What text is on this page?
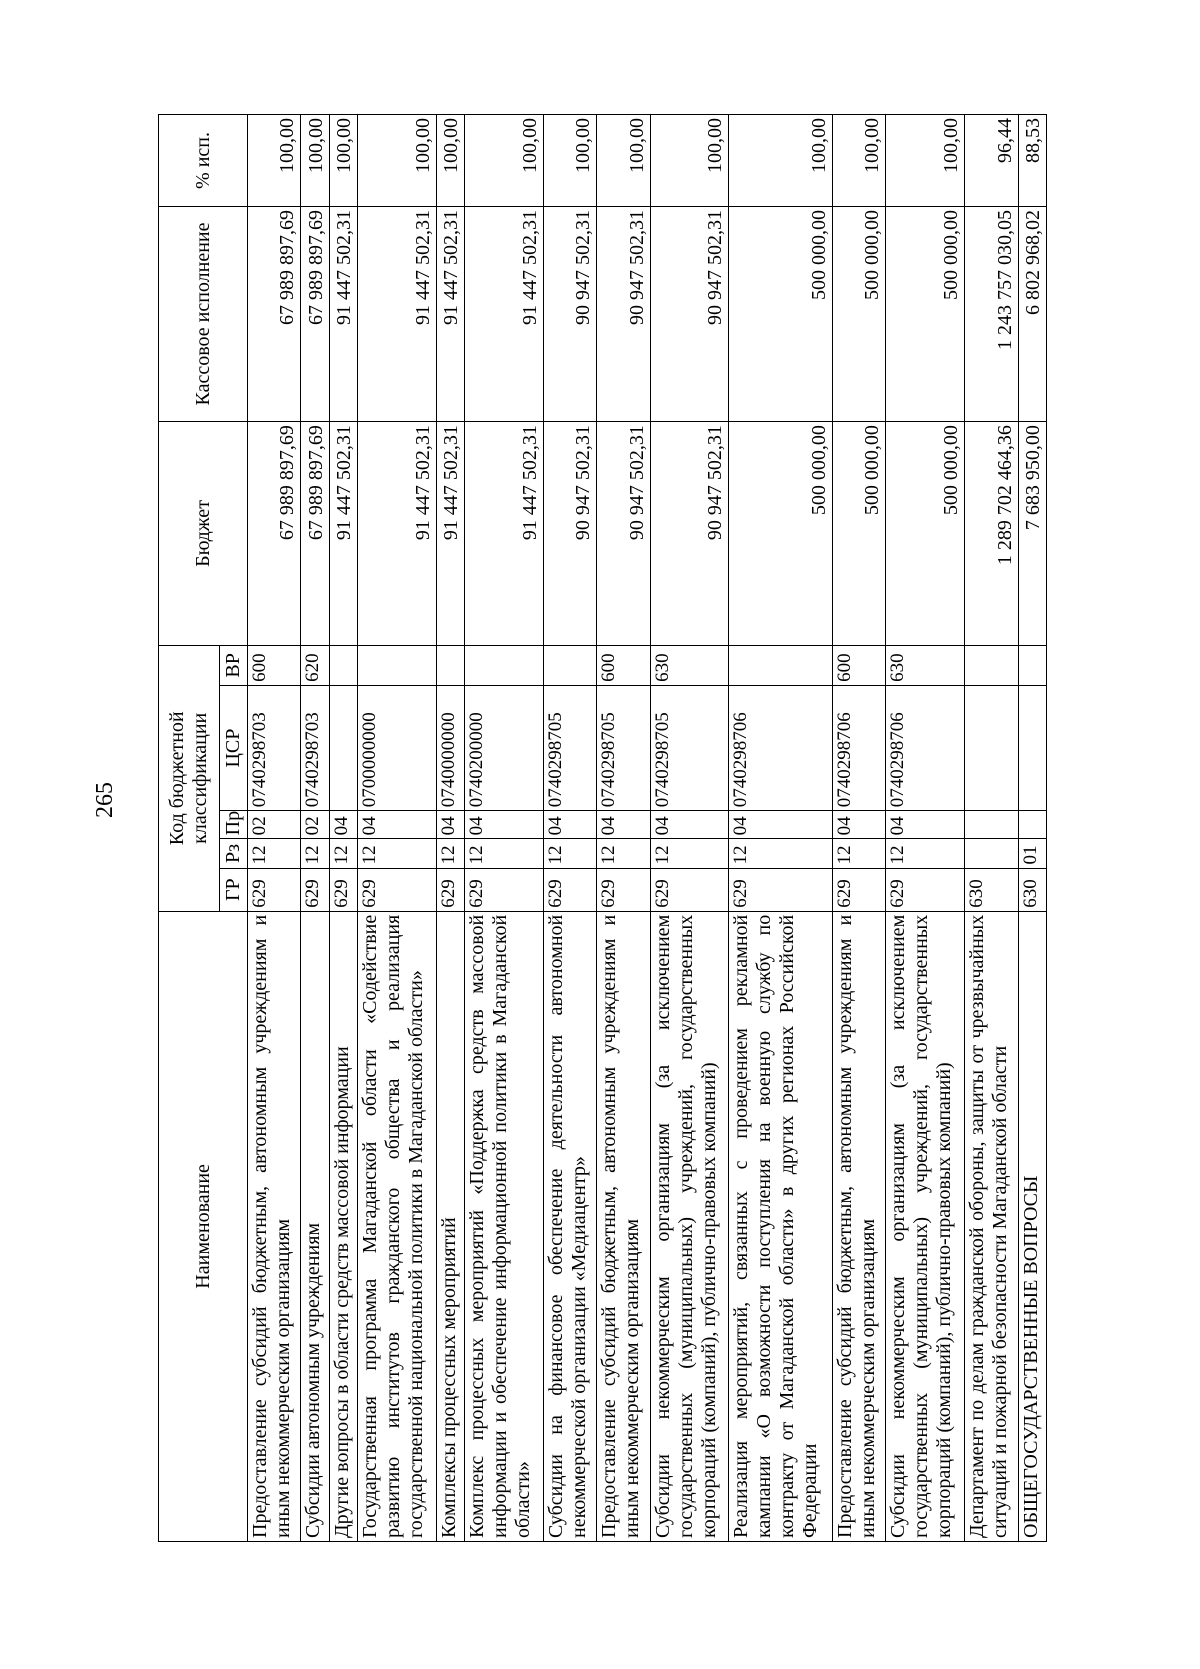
265
Наименование	Код бюджетной классификации					Бюджет	Кассовое исполнение	% исп.
	ГР	Рз	Пр	ЦСР	ВР			
Предоставление субсидий бюджетным, автономным учреждениям и иным некоммерческим организациям	629	12	02	0740298703	600	67 989 897,69	67 989 897,69	100,00
Субсидии автономным учреждениям	629	12	02	0740298703	620	67 989 897,69	67 989 897,69	100,00
Другие вопросы в области средств массовой информации	629	12	04			91 447 502,31	91 447 502,31	100,00
Государственная программа Магаданской области «Содействие развитию институтов гражданского общества и реализация государственной национальной политики в Магаданской области»	629	12	04	0700000000		91 447 502,31	91 447 502,31	100,00
Комплексы процессных мероприятий	629	12	04	0740000000		91 447 502,31	91 447 502,31	100,00
Комплекс процессных мероприятий «Поддержка средств массовой информации и обеспечение информационной политики в Магаданской области»	629	12	04	0740200000		91 447 502,31	91 447 502,31	100,00
Субсидии на финансовое обеспечение деятельности автономной некоммерческой организации «Медиацентр»	629	12	04	0740298705		90 947 502,31	90 947 502,31	100,00
Предоставление субсидий бюджетным, автономным учреждениям и иным некоммерческим организациям	629	12	04	0740298705	600	90 947 502,31	90 947 502,31	100,00
Субсидии некоммерческим организациям (за исключением государственных (муниципальных) учреждений, государственных корпораций (компаний), публично-правовых компаний)	629	12	04	0740298705	630	90 947 502,31	90 947 502,31	100,00
Реализация мероприятий, связанных с проведением рекламной кампании «О возможности поступления на военную службу по контракту от Магаданской области» в других регионах Российской Федерации	629	12	04	0740298706		500 000,00	500 000,00	100,00
Предоставление субсидий бюджетным, автономным учреждениям и иным некоммерческим организациям	629	12	04	0740298706	600	500 000,00	500 000,00	100,00
Субсидии некоммерческим организациям (за исключением государственных (муниципальных) учреждений, государственных корпораций (компаний), публично-правовых компаний)	629	12	04	0740298706	630	500 000,00	500 000,00	100,00
Департамент по делам гражданской обороны, защиты от чрезвычайных ситуаций и пожарной безопасности Магаданской области	630					1 289 702 464,36	1 243 757 030,05	96,44
ОБЩЕГОСУДАРСТВЕННЫЕ ВОПРОСЫ	630	01				7 683 950,00	6 802 968,02	88,53
